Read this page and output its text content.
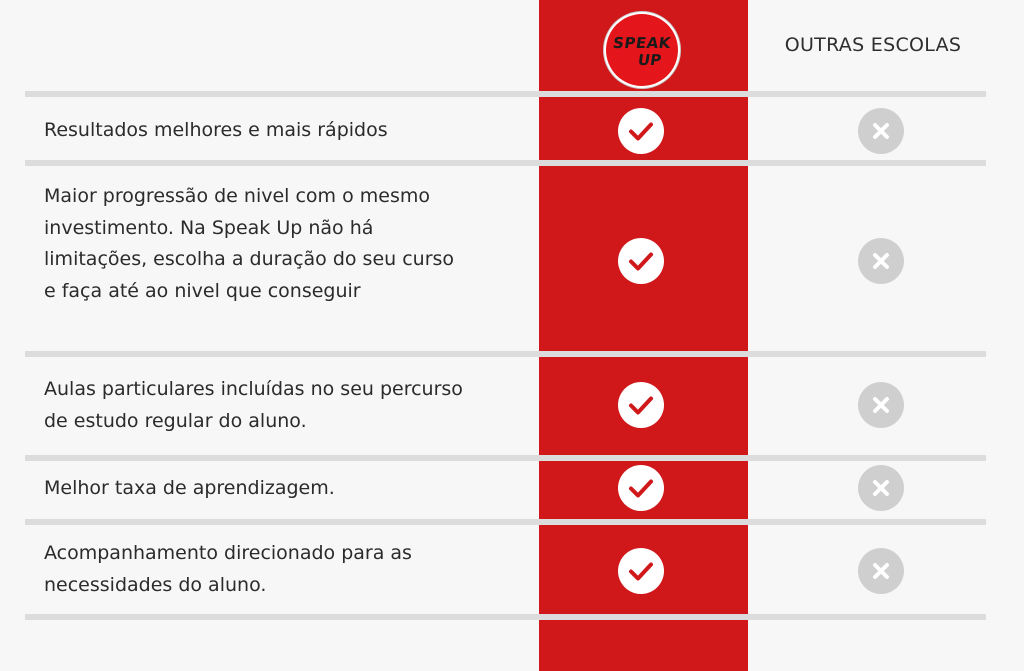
SPEAK
UP
OUTRAS ESCOLAS
Resultados melhores e mais rápidos
Maior progressão de nivel com o mesmo investimento. Na Speak Up não há limitações, escolha a duração do seu curso e faça até ao nivel que conseguir
Aulas particulares incluídas no seu percurso de estudo regular do aluno.
Melhor taxa de aprendizagem.
Acompanhamento direcionado para as necessidades do aluno.
